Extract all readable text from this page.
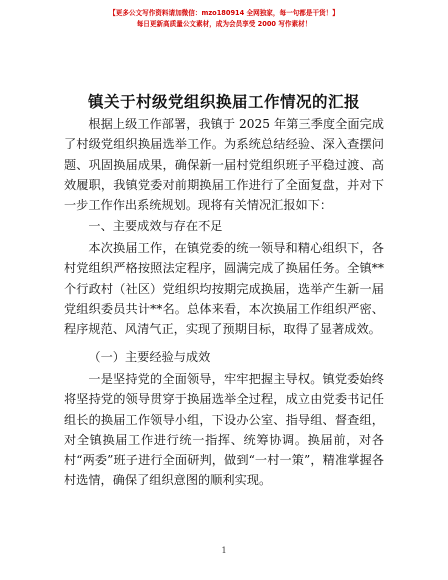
【更多公文写作资料请加微信：mzo180914 全网独家，每一句都是干货！】
每日更新高质量公文素材，成为会员享受 2000 写作素材！
镇关于村级党组织换届工作情况的汇报

根据上级工作部署，我镇于 2025 年第三季度全面完成了村级党组织换届选举工作。为系统总结经验、深入查摆问题、巩固换届成果，确保新一届村党组织班子平稳过渡、高效履职，我镇党委对前期换届工作进行了全面复盘，并对下一步工作作出系统规划。现将有关情况汇报如下：

一、主要成效与存在不足

本次换届工作，在镇党委的统一领导和精心组织下，各村党组织严格按照法定程序，圆满完成了换届任务。全镇**个行政村（社区）党组织均按期完成换届，选举产生新一届党组织委员共计**名。总体来看，本次换届工作组织严密、程序规范、风清气正，实现了预期目标，取得了显著成效。

（一）主要经验与成效

一是坚持党的全面领导，牢牢把握主导权。镇党委始终将坚持党的领导贯穿于换届选举全过程，成立由党委书记任组长的换届工作领导小组，下设办公室、指导组、督查组，对全镇换届工作进行统一指挥、统筹协调。换届前，对各村“两委”班子进行全面研判，做到“一村一策”，精准掌握各村选情，确保了组织意图的顺利实现。

1
